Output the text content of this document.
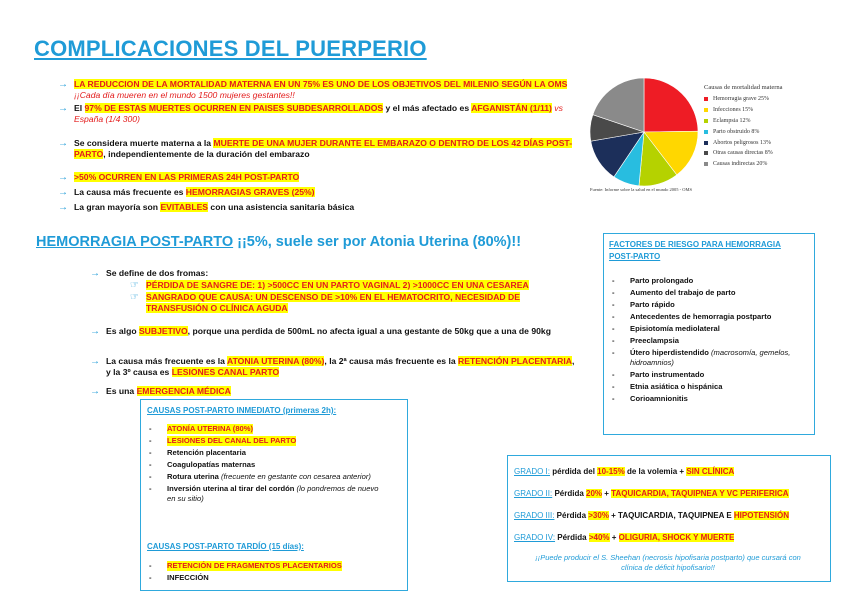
COMPLICACIONES DEL PUERPERIO
→ LA REDUCCION DE LA MORTALIDAD MATERNA EN UN 75% ES UNO DE LOS OBJETIVOS DEL MILENIO SEGÚN LA OMS ¡¡Cada día mueren en el mundo 1500 mujeres gestantes!!
→ El 97% DE ESTAS MUERTES OCURREN EN PAISES SUBDESARROLLADOS y el más afectado es AFGANISTÁN (1/11) vs España (1/4 300)
→ Se considera muerte materna a la MUERTE DE UNA MUJER DURANTE EL EMBARAZO O DENTRO DE LOS 42 DÍAS POST-PARTO, independientemente de la duración del embarazo
→ >50% OCURREN EN LAS PRIMERAS 24H POST-PARTO
→ La causa más frecuente es HEMORRAGIAS GRAVES (25%)
→ La gran mayoría son EVITABLES con una asistencia sanitaria básica
Causas de mortalidad materna
Hemorragia grave 25%
Infecciones 15%
Eclampsia 12%
Parto obstruido 8%
Abortos peligrosos 13%
Otras causas directas 8%
Causas indirectas 20%
Fuente: Informe sobre la salud en el mundo 2005 - OMS
HEMORRAGIA POST-PARTO ¡¡5%, suele ser por Atonia Uterina (80%)!!
→ Se define de dos fromas:
☞ PÉRDIDA DE SANGRE DE: 1) >500CC EN UN PARTO VAGINAL 2) >1000CC EN UNA CESAREA
☞ SANGRADO QUE CAUSA: UN DESCENSO DE >10% EN EL HEMATOCRITO, NECESIDAD DE
TRANSFUSIÓN O CLÍNICA AGUDA
→ Es algo SUBJETIVO, porque una perdida de 500mL no afecta igual a una gestante de 50kg que a una de 90kg
→ La causa más frecuente es la ATONIA UTERINA (80%), la 2ª causa más frecuente es la RETENCIÓN PLACENTARIA, y la 3º causa es LESIONES CANAL PARTO
→ Es una EMERGENCIA MÉDICA
CAUSAS POST-PARTO INMEDIATO (primeras 2h):
-	ATONÍA UTERINA (80%)
-	LESIONES DEL CANAL DEL PARTO
-	Retención placentaria
-	Coagulopatías maternas
-	Rotura uterina (frecuente en gestante con cesarea anterior)
-	Inversión uterina al tirar del cordón (lo pondremos de nuevo en su sitio)
CAUSAS POST-PARTO TARDÍO (15 días):
-	RETENCIÓN DE FRAGMENTOS PLACENTARIOS
-	INFECCIÓN
FACTORES DE RIESGO PARA HEMORRAGIA POST-PARTO
-	Parto prolongado
-	Aumento del trabajo de parto
-	Parto rápido
-	Antecedentes de hemorragia postparto
-	Episiotomía mediolateral
-	Preeclampsia
-	Útero hiperdistendido (macrosomía, gemelos, hidroamnios)
-	Parto instrumentado
-	Etnia asiática o hispánica
-	Corioamnionitis
GRADO I: pérdida del 10-15% de la volemia + SIN CLÍNICA
GRADO II: Pérdida 20% + TAQUICARDIA, TAQUIPNEA Y VC PERIFERICA
GRADO III: Pérdida >30% + TAQUICARDIA, TAQUIPNEA E HIPOTENSIÓN
GRADO IV: Pérdida >40% + OLIGURIA, SHOCK Y MUERTE
¡¡Puede producir el S. Sheehan (necrosis hipofisaria postparto) que cursará con clínica de déficit hipofisario!!
